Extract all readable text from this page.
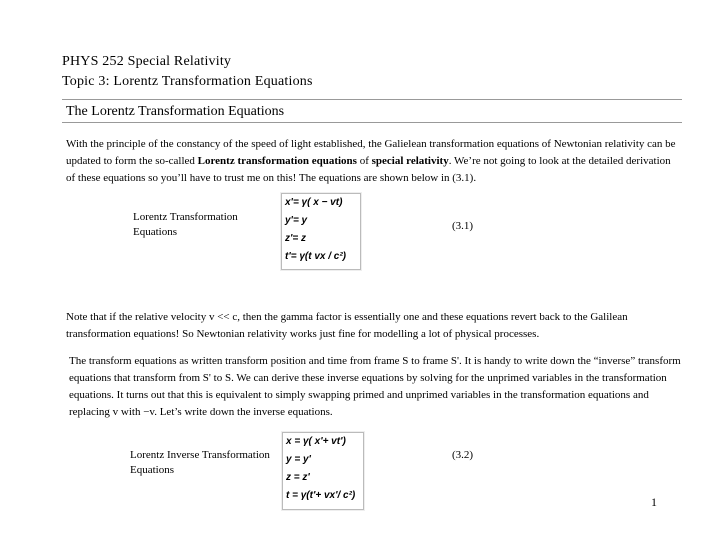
PHYS 252 Special Relativity
Topic 3: Lorentz Transformation Equations
The Lorentz Transformation Equations
With the principle of the constancy of the speed of light established, the Galielean transformation equations of Newtonian relativity can be updated to form the so-called Lorentz transformation equations of special relativity. We’re not going to look at the detailed derivation of these equations so you’ll have to trust me on this! The equations are shown below in (3.1).
Lorentz Transformation Equations
x'= γ( x − vt)
y'= y
z'= z
t'= γ(t vx / c²)
(3.1)
Note that if the relative velocity v << c, then the gamma factor is essentially one and these equations revert back to the Galilean transformation equations! So Newtonian relativity works just fine for modelling a lot of physical processes.
The transform equations as written transform position and time from frame S to frame S'. It is handy to write down the “inverse” transform equations that transform from S' to S. We can derive these inverse equations by solving for the unprimed variables in the transformation equations. It turns out that this is equivalent to simply swapping primed and unprimed variables in the transformation equations and replacing v with −v. Let’s write down the inverse equations.
Lorentz Inverse Transformation Equations
x = γ( x'+ vt')
y = y'
z = z'
t = γ(t'+ vx'/ c²)
(3.2)
1
